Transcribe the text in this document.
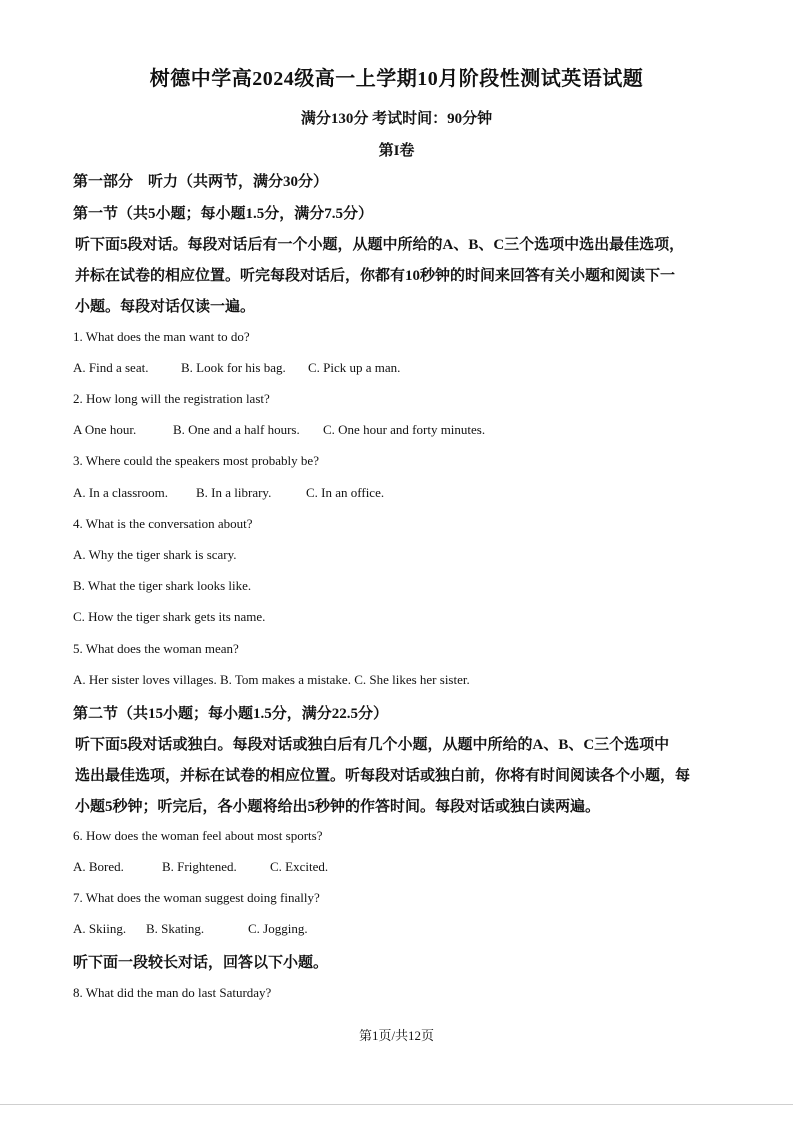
树德中学高2024级高一上学期10月阶段性测试英语试题
满分130分 考试时间：90分钟
第I卷
第一部分　听力（共两节，满分30分）
第一节（共5小题；每小题1.5分，满分7.5分）
听下面5段对话。每段对话后有一个小题，从题中所给的A、B、C三个选项中选出最佳选项，
并标在试卷的相应位置。听完每段对话后，你都有10秒钟的时间来回答有关小题和阅读下一
小题。每段对话仅读一遍。
1. What does the man want to do?
A. Find a seat.	B. Look for his bag. C. Pick up a man.
2. How long will the registration last?
A One hour.	B. One and a half hours. C. One hour and forty minutes.
3. Where could the speakers most probably be?
A. In a classroom. B. In a library.	C. In an office.
4. What is the conversation about?
A. Why the tiger shark is scary.
B. What the tiger shark looks like.
C. How the tiger shark gets its name.
5. What does the woman mean?
A. Her sister loves villages. B. Tom makes a mistake. C. She likes her sister.
第二节（共15小题；每小题1.5分，满分22.5分）
听下面5段对话或独白。每段对话或独白后有几个小题，从题中所给的A、B、C三个选项中
选出最佳选项，并标在试卷的相应位置。听每段对话或独白前，你将有时间阅读各个小题，每
小题5秒钟；听完后，各小题将给出5秒钟的作答时间。每段对话或独白读两遍。
6. How does the woman feel about most sports?
A. Bored.	B. Frightened.	C. Excited.
7. What does the woman suggest doing finally?
A. Skiing. B. Skating.	C. Jogging.
听下面一段较长对话，回答以下小题。
8. What did the man do last Saturday?
第1页/共12页
